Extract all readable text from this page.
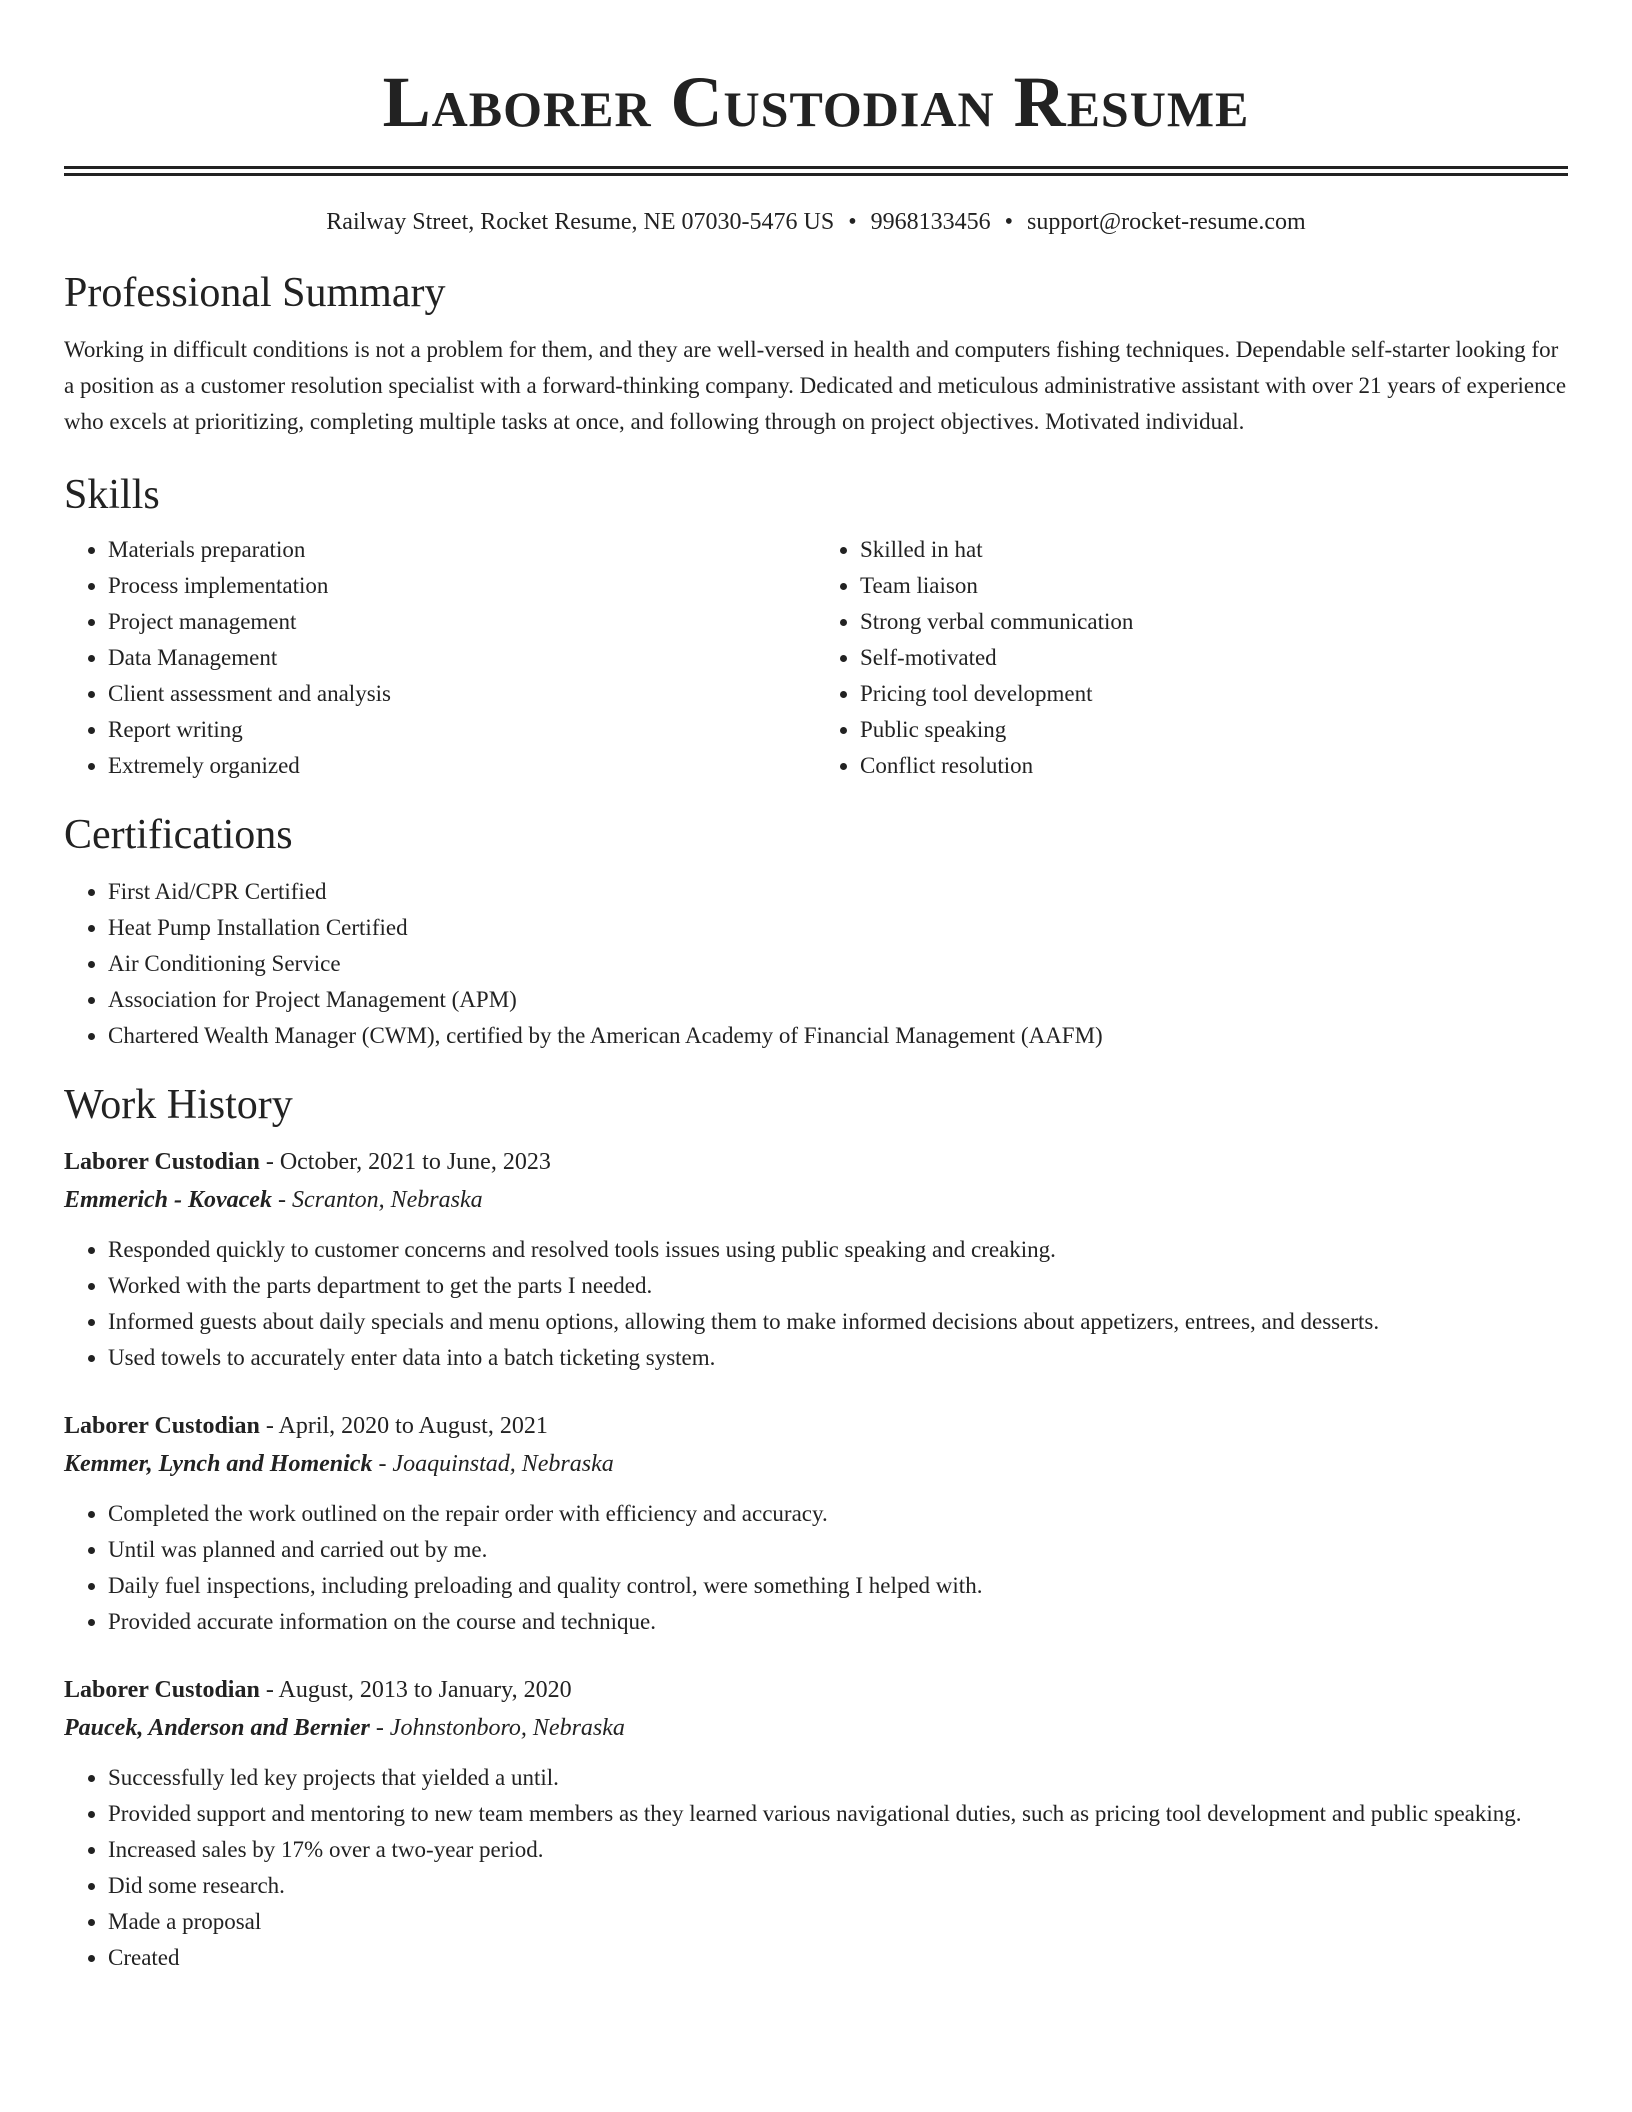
Laborer Custodian Resume
Railway Street, Rocket Resume, NE 07030-5476 US • 9968133456 • support@rocket-resume.com
Professional Summary
Working in difficult conditions is not a problem for them, and they are well-versed in health and computers fishing techniques. Dependable self-starter looking for a position as a customer resolution specialist with a forward-thinking company. Dedicated and meticulous administrative assistant with over 21 years of experience who excels at prioritizing, completing multiple tasks at once, and following through on project objectives. Motivated individual.
Skills
• Materials preparation
• Process implementation
• Project management
• Data Management
• Client assessment and analysis
• Report writing
• Extremely organized
• Skilled in hat
• Team liaison
• Strong verbal communication
• Self-motivated
• Pricing tool development
• Public speaking
• Conflict resolution
Certifications
• First Aid/CPR Certified
• Heat Pump Installation Certified
• Air Conditioning Service
• Association for Project Management (APM)
• Chartered Wealth Manager (CWM), certified by the American Academy of Financial Management (AAFM)
Work History
Laborer Custodian - October, 2021 to June, 2023
Emmerich - Kovacek - Scranton, Nebraska
• Responded quickly to customer concerns and resolved tools issues using public speaking and creaking.
• Worked with the parts department to get the parts I needed.
• Informed guests about daily specials and menu options, allowing them to make informed decisions about appetizers, entrees, and desserts.
• Used towels to accurately enter data into a batch ticketing system.
Laborer Custodian - April, 2020 to August, 2021
Kemmer, Lynch and Homenick - Joaquinstad, Nebraska
• Completed the work outlined on the repair order with efficiency and accuracy.
• Until was planned and carried out by me.
• Daily fuel inspections, including preloading and quality control, were something I helped with.
• Provided accurate information on the course and technique.
Laborer Custodian - August, 2013 to January, 2020
Paucek, Anderson and Bernier - Johnstonboro, Nebraska
• Successfully led key projects that yielded a until.
• Provided support and mentoring to new team members as they learned various navigational duties, such as pricing tool development and public speaking.
• Increased sales by 17% over a two-year period.
• Did some research.
• Made a proposal
• Created
